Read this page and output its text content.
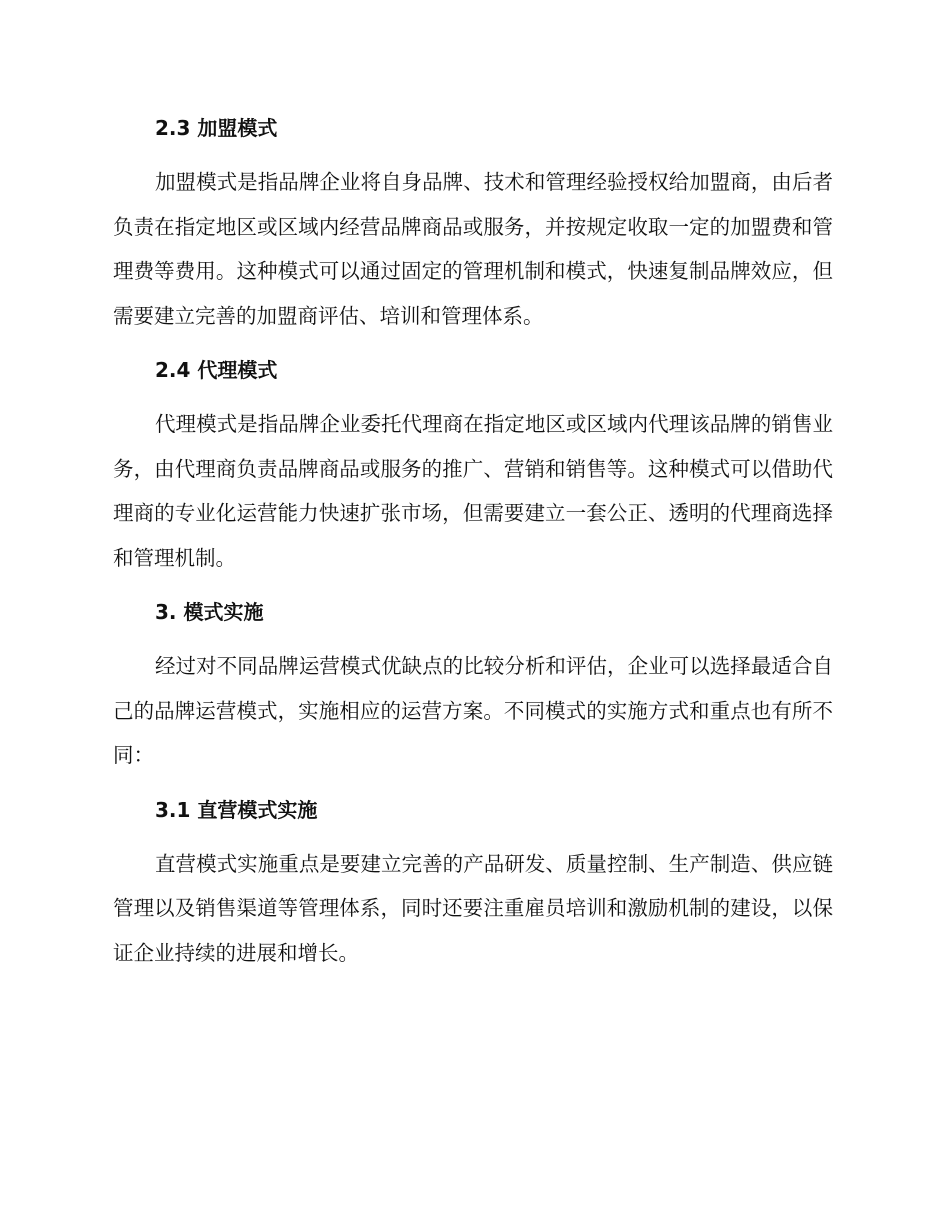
2.3 加盟模式

加盟模式是指品牌企业将自身品牌、技术和管理经验授权给加盟商，由后者负责在指定地区或区域内经营品牌商品或服务，并按规定收取一定的加盟费和管理费等费用。这种模式可以通过固定的管理机制和模式，快速复制品牌效应，但需要建立完善的加盟商评估、培训和管理体系。

2.4 代理模式

代理模式是指品牌企业委托代理商在指定地区或区域内代理该品牌的销售业务，由代理商负责品牌商品或服务的推广、营销和销售等。这种模式可以借助代理商的专业化运营能力快速扩张市场，但需要建立一套公正、透明的代理商选择和管理机制。

3. 模式实施

经过对不同品牌运营模式优缺点的比较分析和评估，企业可以选择最适合自己的品牌运营模式，实施相应的运营方案。不同模式的实施方式和重点也有所不同：

3.1 直营模式实施

直营模式实施重点是要建立完善的产品研发、质量控制、生产制造、供应链管理以及销售渠道等管理体系，同时还要注重雇员培训和激励机制的建设，以保证企业持续的进展和增长。
